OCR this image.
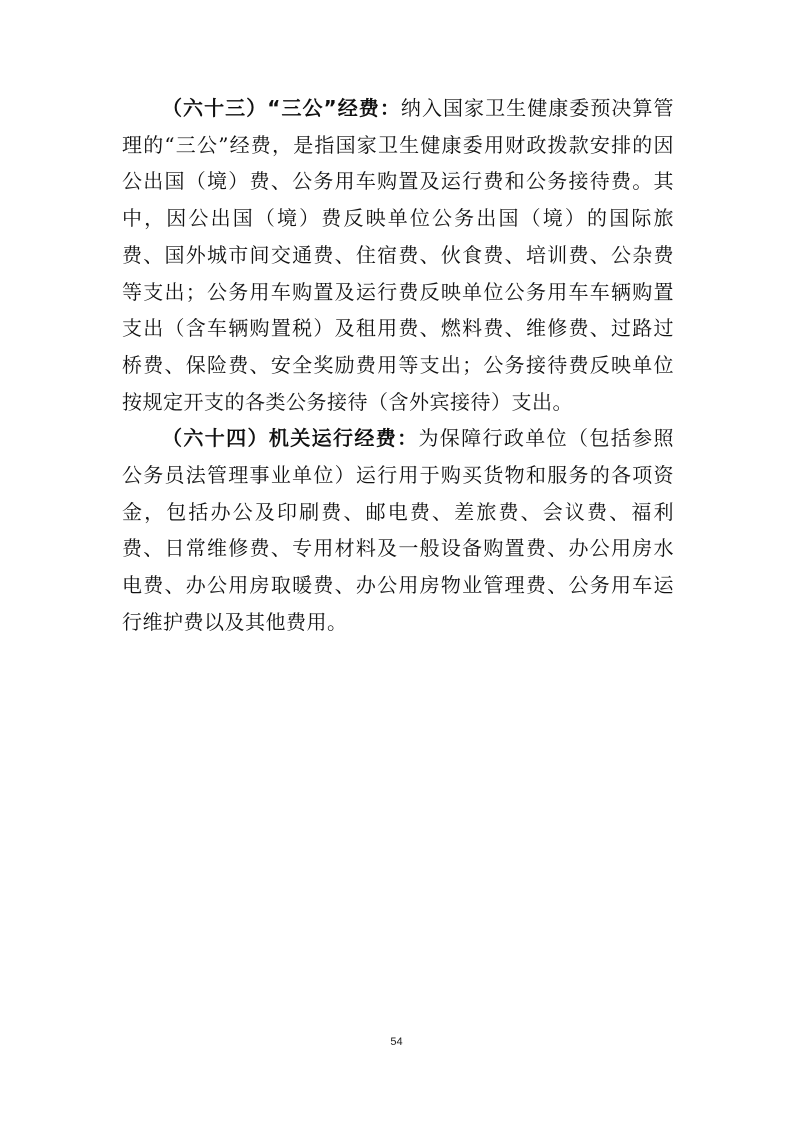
（六十三）“三公”经费：纳入国家卫生健康委预决算管理的“三公”经费，是指国家卫生健康委用财政拨款安排的因公出国（境）费、公务用车购置及运行费和公务接待费。其中，因公出国（境）费反映单位公务出国（境）的国际旅费、国外城市间交通费、住宿费、伙食费、培训费、公杂费等支出；公务用车购置及运行费反映单位公务用车车辆购置支出（含车辆购置税）及租用费、燃料费、维修费、过路过桥费、保险费、安全奖励费用等支出；公务接待费反映单位按规定开支的各类公务接待（含外宾接待）支出。

（六十四）机关运行经费：为保障行政单位（包括参照公务员法管理事业单位）运行用于购买货物和服务的各项资金，包括办公及印刷费、邮电费、差旅费、会议费、福利费、日常维修费、专用材料及一般设备购置费、办公用房水电费、办公用房取暖费、办公用房物业管理费、公务用车运行维护费以及其他费用。

54
